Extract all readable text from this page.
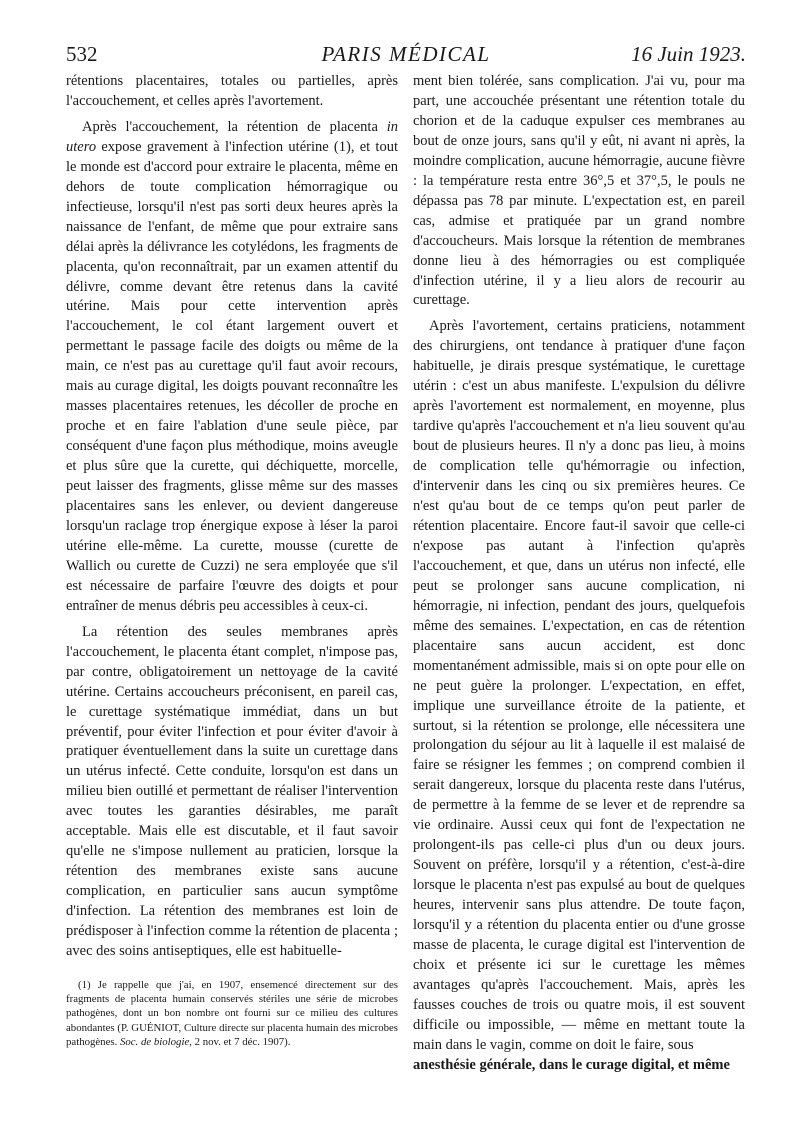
532	PARIS MÉDICAL	16 Juin 1923.

rétentions placentaires, totales ou partielles, après l'accouchement, et celles après l'avortement.

Après l'accouchement, la rétention de placenta in utero expose gravement à l'infection utérine (1), et tout le monde est d'accord pour extraire le placenta, même en dehors de toute complication hémorragique ou infectieuse, lorsqu'il n'est pas sorti deux heures après la naissance de l'enfant, de même que pour extraire sans délai après la délivrance les cotylédons, les fragments de placenta, qu'on reconnaîtrait, par un examen attentif du délivre, comme devant être retenus dans la cavité utérine. Mais pour cette intervention après l'accouchement, le col étant largement ouvert et permettant le passage facile des doigts ou même de la main, ce n'est pas au curettage qu'il faut avoir recours, mais au curage digital, les doigts pouvant reconnaître les masses placentaires retenues, les décoller de proche en proche et en faire l'ablation d'une seule pièce, par conséquent d'une façon plus méthodique, moins aveugle et plus sûre que la curette, qui déchiquette, morcelle, peut laisser des fragments, glisse même sur des masses placentaires sans les enlever, ou devient dangereuse lorsqu'un raclage trop énergique expose à léser la paroi utérine elle-même. La curette, mousse (curette de Wallich ou curette de Cuzzi) ne sera employée que s'il est nécessaire de parfaire l'œuvre des doigts et pour entraîner de menus débris peu accessibles à ceux-ci.

La rétention des seules membranes après l'accouchement, le placenta étant complet, n'impose pas, par contre, obligatoirement un nettoyage de la cavité utérine. Certains accoucheurs préconisent, en pareil cas, le curettage systématique immédiat, dans un but préventif, pour éviter l'infection et pour éviter d'avoir à pratiquer éventuellement dans la suite un curettage dans un utérus infecté. Cette conduite, lorsqu'on est dans un milieu bien outillé et permettant de réaliser l'intervention avec toutes les garanties désirables, me paraît acceptable. Mais elle est discutable, et il faut savoir qu'elle ne s'impose nullement au praticien, lorsque la rétention des membranes existe sans aucune complication, en particulier sans aucun symptôme d'infection. La rétention des membranes est loin de prédisposer à l'infection comme la rétention de placenta ; avec des soins antiseptiques, elle est habituelle-

(1) Je rappelle que j'ai, en 1907, ensemencé directement sur des fragments de placenta humain conservés stériles une série de microbes pathogènes, dont un bon nombre ont fourni sur ce milieu des cultures abondantes (P. GUÉNIOT, Culture directe sur placenta humain des microbes pathogènes. Soc. de biologie, 2 nov. et 7 déc. 1907).

ment bien tolérée, sans complication. J'ai vu, pour ma part, une accouchée présentant une rétention totale du chorion et de la caduque expulser ces membranes au bout de onze jours, sans qu'il y eût, ni avant ni après, la moindre complication, aucune hémorragie, aucune fièvre : la température resta entre 36°,5 et 37°,5, le pouls ne dépassa pas 78 par minute. L'expectation est, en pareil cas, admise et pratiquée par un grand nombre d'accoucheurs. Mais lorsque la rétention de membranes donne lieu à des hémorragies ou est compliquée d'infection utérine, il y a lieu alors de recourir au curettage.

Après l'avortement, certains praticiens, notamment des chirurgiens, ont tendance à pratiquer d'une façon habituelle, je dirais presque systématique, le curettage utérin : c'est un abus manifeste. L'expulsion du délivre après l'avortement est normalement, en moyenne, plus tardive qu'après l'accouchement et n'a lieu souvent qu'au bout de plusieurs heures. Il n'y a donc pas lieu, à moins de complication telle qu'hémorragie ou infection, d'intervenir dans les cinq ou six premières heures. Ce n'est qu'au bout de ce temps qu'on peut parler de rétention placentaire. Encore faut-il savoir que celle-ci n'expose pas autant à l'infection qu'après l'accouchement, et que, dans un utérus non infecté, elle peut se prolonger sans aucune complication, ni hémorragie, ni infection, pendant des jours, quelquefois même des semaines. L'expectation, en cas de rétention placentaire sans aucun accident, est donc momentanément admissible, mais si on opte pour elle on ne peut guère la prolonger. L'expectation, en effet, implique une surveillance étroite de la patiente, et surtout, si la rétention se prolonge, elle nécessitera une prolongation du séjour au lit à laquelle il est malaisé de faire se résigner les femmes ; on comprend combien il serait dangereux, lorsque du placenta reste dans l'utérus, de permettre à la femme de se lever et de reprendre sa vie ordinaire. Aussi ceux qui font de l'expectation ne prolongent-ils pas celle-ci plus d'un ou deux jours. Souvent on préfère, lorsqu'il y a rétention, c'est-à-dire lorsque le placenta n'est pas expulsé au bout de quelques heures, intervenir sans plus attendre. De toute façon, lorsqu'il y a rétention du placenta entier ou d'une grosse masse de placenta, le curage digital est l'intervention de choix et présente ici sur le curettage les mêmes avantages qu'après l'accouchement. Mais, après les fausses couches de trois ou quatre mois, il est souvent difficile ou impossible, — même en mettant toute la main dans le vagin, comme on doit le faire, sous

anesthésie générale, dans le curage digital, et même
